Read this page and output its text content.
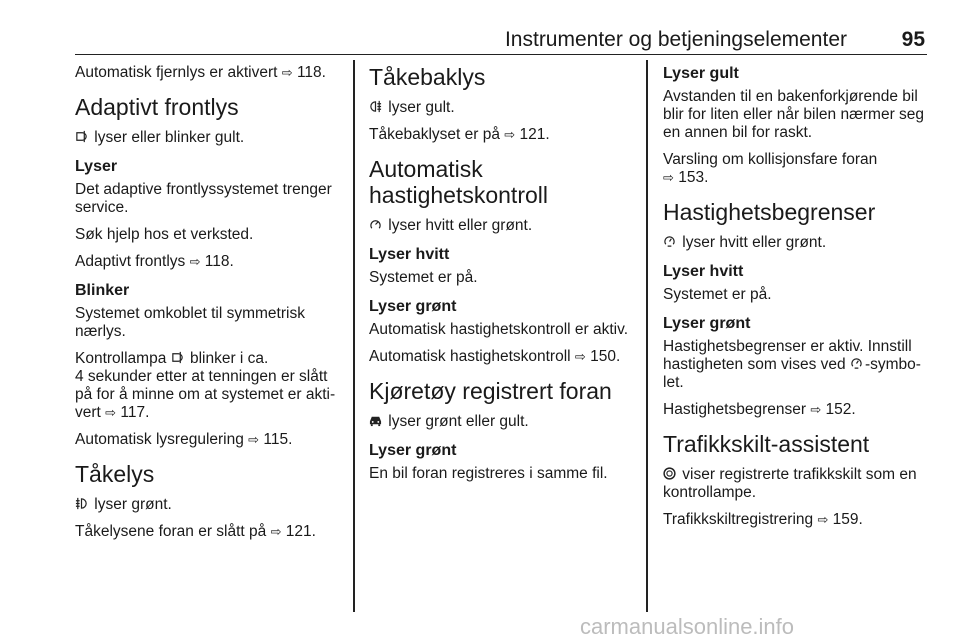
Instrumenter og betjeningselementer	95

Automatisk fjernlys er aktivert ⇨ 118.

Adaptivt frontlys

lyser eller blinker gult.

Lyser

Det adaptive frontlyssystemet trenger service.

Søk hjelp hos et verksted.

Adaptivt frontlys ⇨ 118.

Blinker

Systemet omkoblet til symmetrisk nærlys.

Kontrollampa  blinker i ca.
4 sekunder etter at tenningen er slått på for å minne om at systemet er akti-vert ⇨ 117.

Automatisk lysregulering ⇨ 115.

Tåkelys

lyser grønt.

Tåkelysene foran er slått på ⇨ 121.

Tåkebaklys

lyser gult.

Tåkebaklyset er på ⇨ 121.

Automatisk hastighetskontroll

lyser hvitt eller grønt.

Lyser hvitt

Systemet er på.

Lyser grønt

Automatisk hastighetskontroll er aktiv.

Automatisk hastighetskontroll ⇨ 150.

Kjøretøy registrert foran

lyser grønt eller gult.

Lyser grønt

En bil foran registreres i samme fil.

Lyser gult

Avstanden til en bakenforkjørende bil blir for liten eller når bilen nærmer seg en annen bil for raskt.

Varsling om kollisjonsfare foran
⇨ 153.

Hastighetsbegrenser

lyser hvitt eller grønt.

Lyser hvitt

Systemet er på.

Lyser grønt

Hastighetsbegrenser er aktiv. Innstill hastigheten som vises ved -symbo-let.

Hastighetsbegrenser ⇨ 152.

Trafikkskilt-assistent

viser registrerte trafikkskilt som en kontrollampe.

Trafikkskiltregistrering ⇨ 159.

carmanualsonline.info
